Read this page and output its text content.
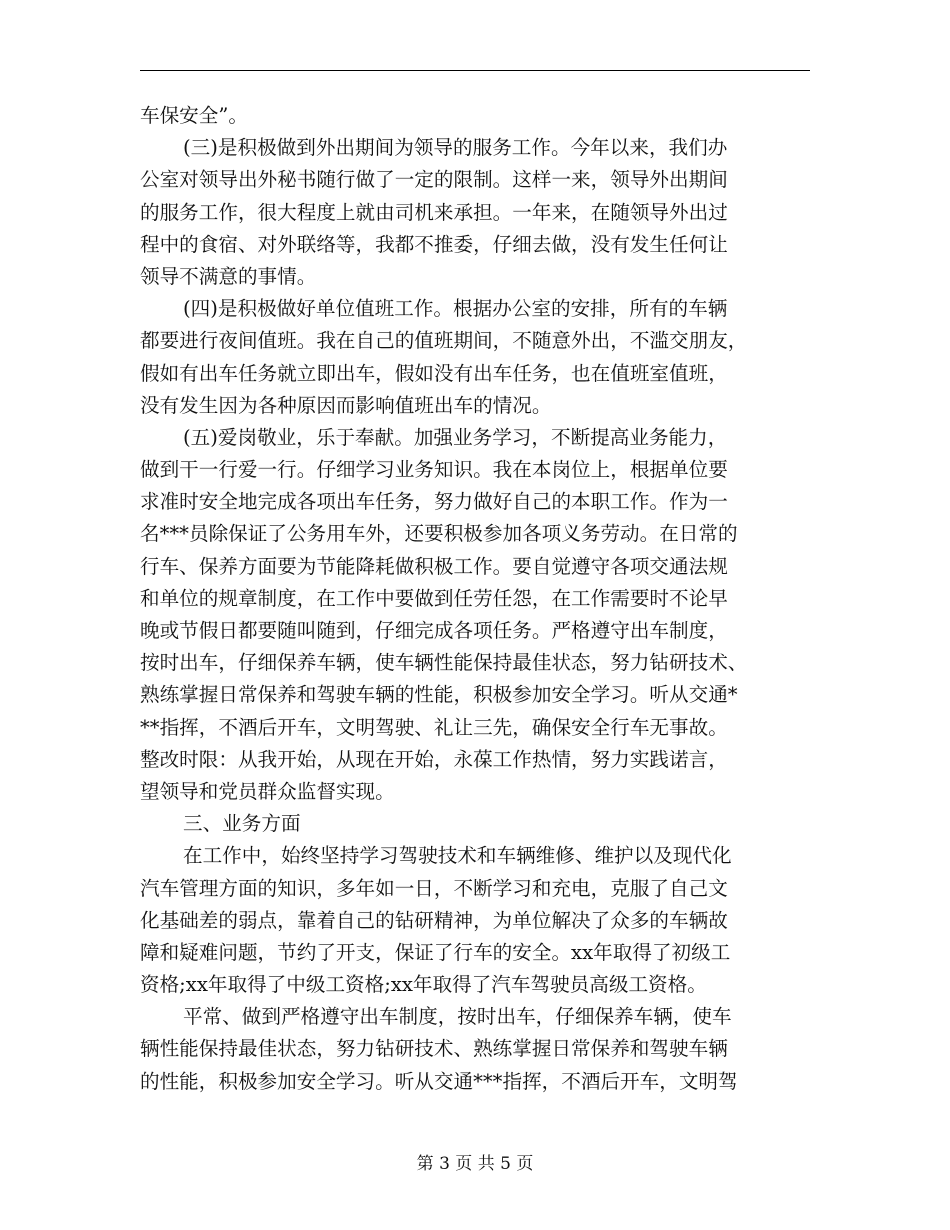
车保安全”。
(三)是积极做到外出期间为领导的服务工作。今年以来，我们办
公室对领导出外秘书随行做了一定的限制。这样一来，领导外出期间
的服务工作，很大程度上就由司机来承担。一年来，在随领导外出过
程中的食宿、对外联络等，我都不推委，仔细去做，没有发生任何让
领导不满意的事情。
(四)是积极做好单位值班工作。根据办公室的安排，所有的车辆
都要进行夜间值班。我在自己的值班期间，不随意外出，不滥交朋友，
假如有出车任务就立即出车，假如没有出车任务，也在值班室值班，
没有发生因为各种原因而影响值班出车的情况。
(五)爱岗敬业，乐于奉献。加强业务学习，不断提高业务能力，
做到干一行爱一行。仔细学习业务知识。我在本岗位上，根据单位要
求准时安全地完成各项出车任务，努力做好自己的本职工作。作为一
名***员除保证了公务用车外，还要积极参加各项义务劳动。在日常的
行车、保养方面要为节能降耗做积极工作。要自觉遵守各项交通法规
和单位的规章制度，在工作中要做到任劳任怨，在工作需要时不论早
晚或节假日都要随叫随到，仔细完成各项任务。严格遵守出车制度，
按时出车，仔细保养车辆，使车辆性能保持最佳状态，努力钻研技术、
熟练掌握日常保养和驾驶车辆的性能，积极参加安全学习。听从交通*
**指挥，不酒后开车，文明驾驶、礼让三先，确保安全行车无事故。
整改时限：从我开始，从现在开始，永葆工作热情，努力实践诺言，
望领导和党员群众监督实现。
三、业务方面
在工作中，始终坚持学习驾驶技术和车辆维修、维护以及现代化
汽车管理方面的知识，多年如一日，不断学习和充电，克服了自己文
化基础差的弱点，靠着自己的钻研精神，为单位解决了众多的车辆故
障和疑难问题，节约了开支，保证了行车的安全。xx年取得了初级工
资格;xx年取得了中级工资格;xx年取得了汽车驾驶员高级工资格。
平常、做到严格遵守出车制度，按时出车，仔细保养车辆，使车
辆性能保持最佳状态，努力钻研技术、熟练掌握日常保养和驾驶车辆
的性能，积极参加安全学习。听从交通***指挥，不酒后开车，文明驾
第 3 页 共 5 页
